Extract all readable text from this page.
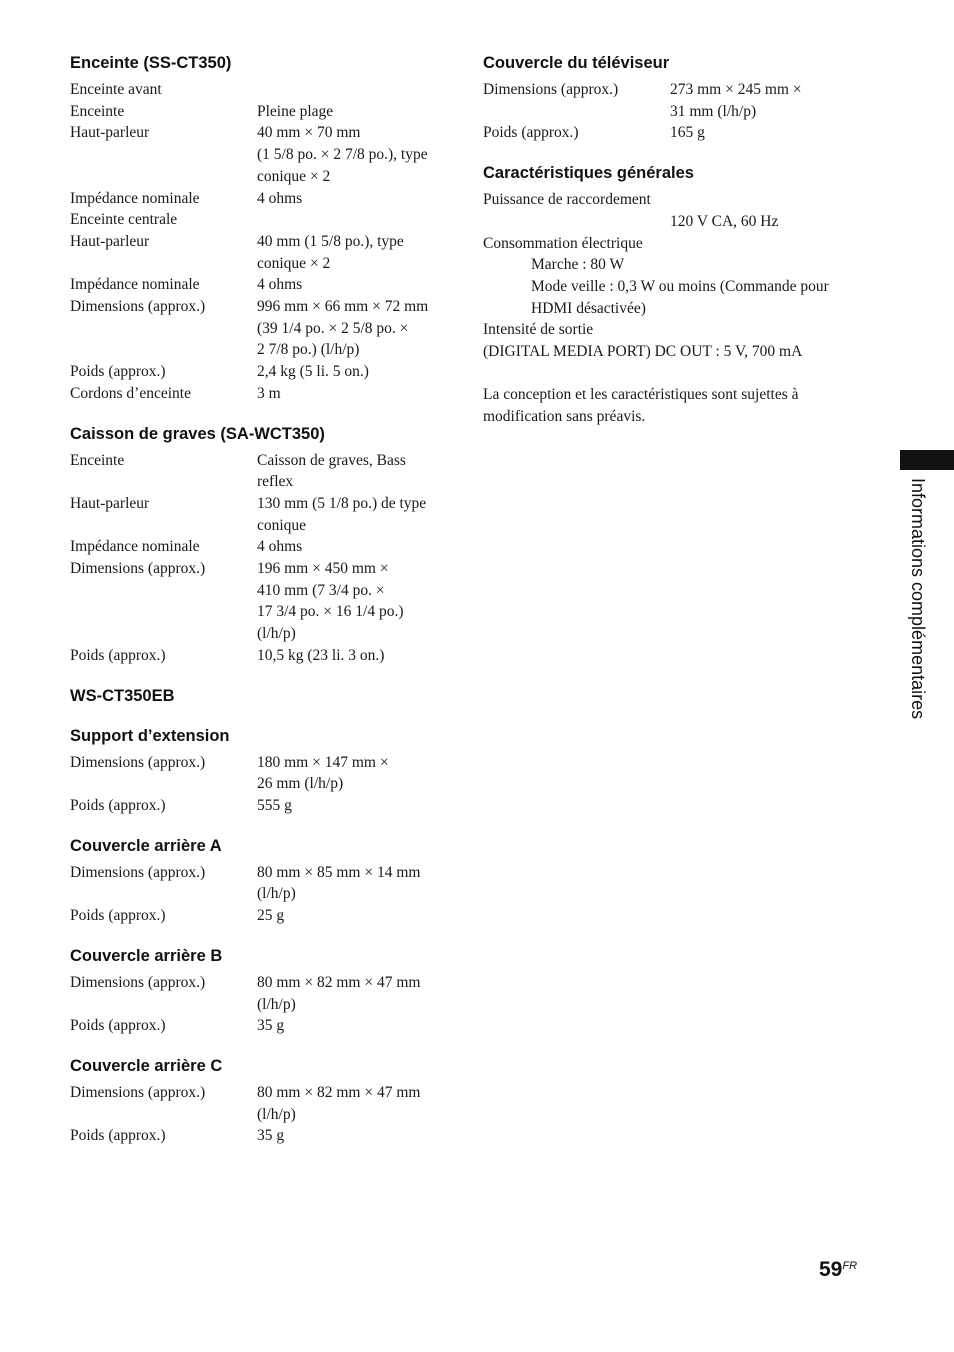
Enceinte (SS-CT350)
Enceinte avant
Enceinte	Pleine plage
Haut-parleur	40 mm × 70 mm
(1 5/8 po. × 2 7/8 po.), type
conique × 2
Impédance nominale	4 ohms
Enceinte centrale
Haut-parleur	40 mm (1 5/8 po.), type
conique × 2
Impédance nominale	4 ohms
Dimensions (approx.)	996 mm × 66 mm × 72 mm
(39 1/4 po. × 2 5/8 po. ×
2 7/8 po.) (l/h/p)
Poids (approx.)	2,4 kg (5 li. 5 on.)
Cordons d’enceinte	3 m
Caisson de graves (SA-WCT350)
Enceinte	Caisson de graves, Bass
reflex
Haut-parleur	130 mm (5 1/8 po.) de type
conique
Impédance nominale	4 ohms
Dimensions (approx.)	196 mm × 450 mm ×
410 mm (7 3/4 po. ×
17 3/4 po. × 16 1/4 po.)
(l/h/p)
Poids (approx.)	10,5 kg (23 li. 3 on.)
WS-CT350EB
Support d’extension
Dimensions (approx.)	180 mm × 147 mm ×
26 mm (l/h/p)
Poids (approx.)	555 g
Couvercle arrière A
Dimensions (approx.)	80 mm × 85 mm × 14 mm
(l/h/p)
Poids (approx.)	25 g
Couvercle arrière B
Dimensions (approx.)	80 mm × 82 mm × 47 mm
(l/h/p)
Poids (approx.)	35 g
Couvercle arrière C
Dimensions (approx.)	80 mm × 82 mm × 47 mm
(l/h/p)
Poids (approx.)	35 g
Couvercle du téléviseur
Dimensions (approx.)	273 mm × 245 mm ×
31 mm (l/h/p)
Poids (approx.)	165 g
Caractéristiques générales
Puissance de raccordement
120 V CA, 60 Hz
Consommation électrique
Marche : 80 W
Mode veille : 0,3 W ou moins (Commande pour
HDMI désactivée)
Intensité de sortie
(DIGITAL MEDIA PORT) DC OUT : 5 V, 700 mA
La conception et les caractéristiques sont sujettes à
modification sans préavis.
Informations complémentaires
$59^{FR}$
